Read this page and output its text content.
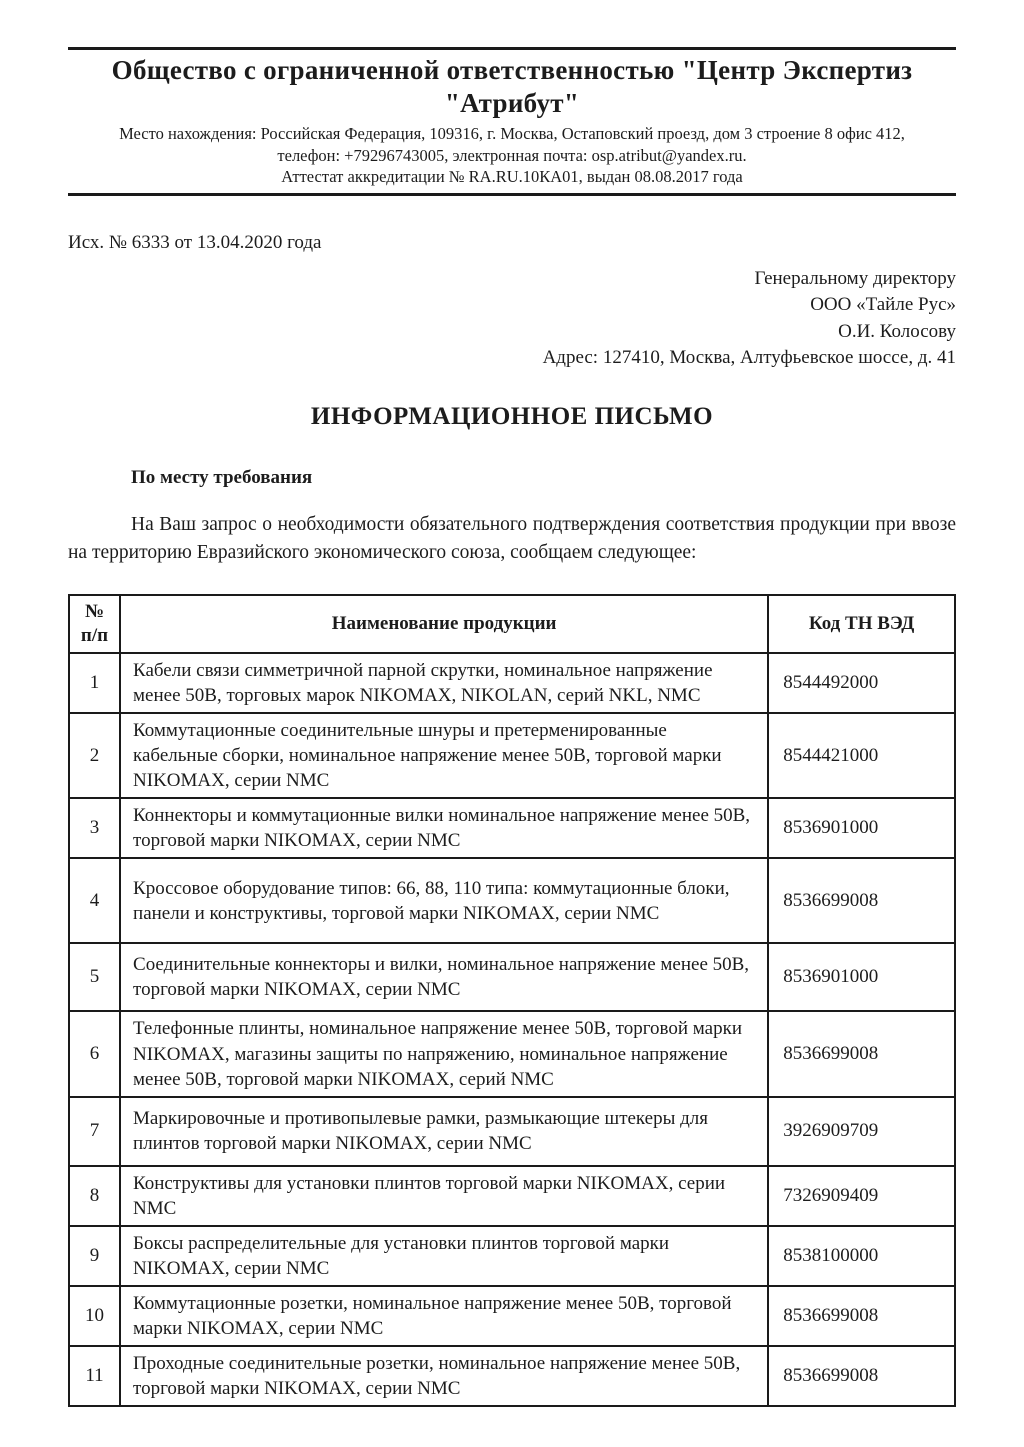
Общество с ограниченной ответственностью "Центр Экспертиз
"Атрибут"
Место нахождения: Российская Федерация, 109316, г. Москва, Остаповский проезд, дом 3 строение 8 офис 412,
телефон: +79296743005, электронная почта: osp.atribut@yandex.ru.
Аттестат аккредитации № RA.RU.10КА01, выдан 08.08.2017 года
Исх. № 6333 от 13.04.2020 года
Генеральному директору
ООО «Тайле Рус»
О.И. Колосову
Адрес: 127410, Москва, Алтуфьевское шоссе, д. 41
ИНФОРМАЦИОННОЕ ПИСЬМО
По месту требования
На Ваш запрос о необходимости обязательного подтверждения соответствия продукции при ввозе на территорию Евразийского экономического союза, сообщаем следующее:
№
п/п	Наименование продукции	Код ТН ВЭД
1	Кабели связи симметричной парной скрутки, номинальное напряжение менее 50В, торговых марок NIKOMAX, NIKOLAN, серий NKL, NMC	8544492000
2	Коммутационные соединительные шнуры и претерменированные кабельные сборки, номинальное напряжение менее 50В, торговой марки NIKOMAX, серии NMC	8544421000
3	Коннекторы и коммутационные вилки номинальное напряжение менее 50В, торговой марки NIKOMAX, серии NMC	8536901000
4	Кроссовое оборудование типов: 66, 88, 110 типа: коммутационные блоки, панели и конструктивы, торговой марки NIKOMAX, серии NMC	8536699008
5	Соединительные коннекторы и вилки, номинальное напряжение менее 50В, торговой марки NIKOMAX, серии NMC	8536901000
6	Телефонные плинты, номинальное напряжение менее 50В, торговой марки NIKOMAX, магазины защиты по напряжению, номинальное напряжение менее 50В, торговой марки NIKOMAX, серий NMC	8536699008
7	Маркировочные и противопылевые рамки, размыкающие штекеры для плинтов торговой марки NIKOMAX, серии NMC	3926909709
8	Конструктивы для установки плинтов торговой марки NIKOMAX, серии NMC	7326909409
9	Боксы распределительные для установки плинтов торговой марки NIKOMAX, серии NMC	8538100000
10	Коммутационные розетки, номинальное напряжение менее 50В, торговой марки NIKOMAX, серии NMC	8536699008
11	Проходные соединительные розетки, номинальное напряжение менее 50В, торговой марки NIKOMAX, серии NMC	8536699008
